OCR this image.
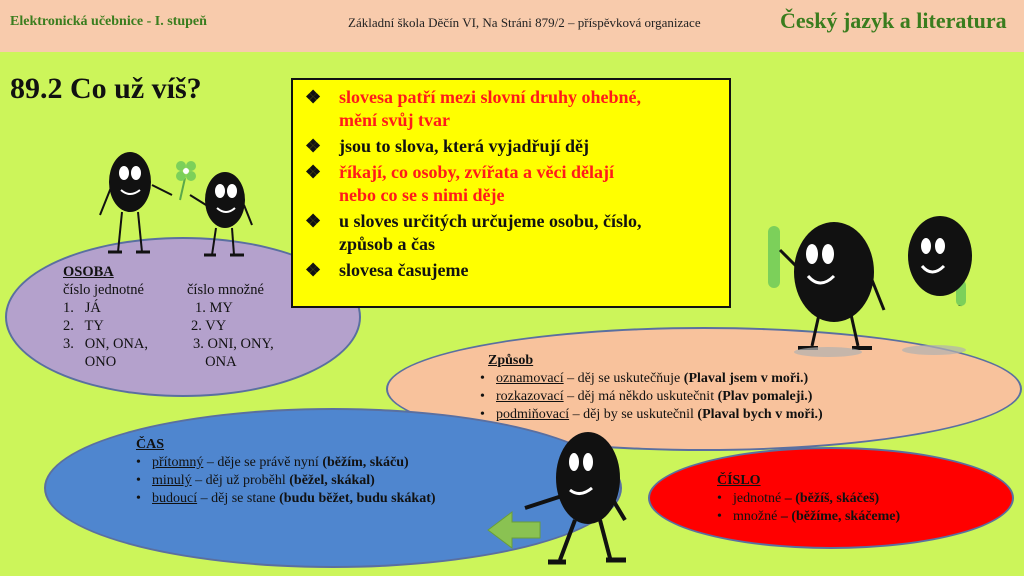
Elektronická učebnice - I. stupeň	Základní škola Děčín VI, Na Stráni 879/2 – příspěvková organizace	Český jazyk a literatura
89.2 Co už víš?	❖ slovesa patří mezi slovní druhy ohebné,
mění svůj tvar
❖ jsou to slova, která vyjadřují děj
❖ říkají, co osoby, zvířata a věci dělají
nebo co se s nimi děje
❖ u sloves určitých určujeme osobu, číslo,
způsob a čas
❖ slovesa časujeme
OSOBA
číslo jednotné	číslo množné
1.   JÁ	1. MY
2.   TY	2. VY
3.   ON, ONA,	3. ONI, ONY,
ONO	ONA	Způsob
• oznamovací – děj se uskutečňuje (Plaval jsem v moři.)
• rozkazovací – děj má někdo uskutečnit (Plav pomaleji.)
• podmiňovací – děj by se uskutečnil (Plaval bych v moři.)
ČAS
• přítomný – děje se právě nyní (běžím, skáču)
• minulý – děj už proběhl (běžel, skákal)
• budoucí – děj se stane (budu běžet, budu skákat)
ČÍSLO
• jednotné – (běžíš, skáčeš)
• množné – (běžíme, skáčeme)
